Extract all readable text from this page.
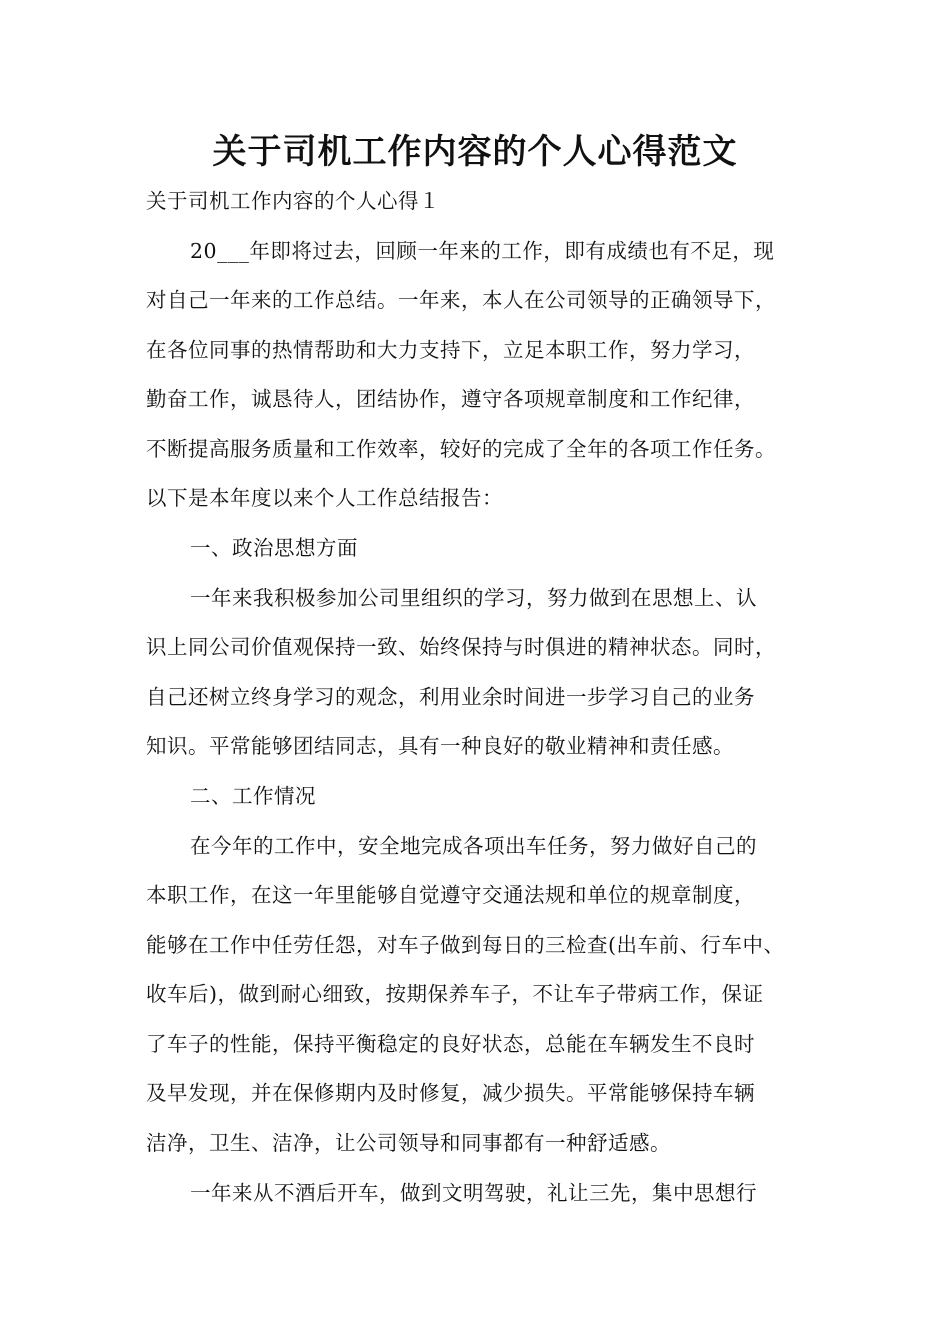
关于司机工作内容的个人心得范文
关于司机工作内容的个人心得１
20___年即将过去，回顾一年来的工作，即有成绩也有不足，现
对自己一年来的工作总结。一年来，本人在公司领导的正确领导下，
在各位同事的热情帮助和大力支持下，立足本职工作，努力学习，
勤奋工作，诚恳待人，团结协作，遵守各项规章制度和工作纪律，
不断提高服务质量和工作效率，较好的完成了全年的各项工作任务。
以下是本年度以来个人工作总结报告：
一、政治思想方面
一年来我积极参加公司里组织的学习，努力做到在思想上、认
识上同公司价值观保持一致、始终保持与时俱进的精神状态。同时，
自己还树立终身学习的观念，利用业余时间进一步学习自己的业务
知识。平常能够团结同志，具有一种良好的敬业精神和责任感。
二、工作情况
在今年的工作中，安全地完成各项出车任务，努力做好自己的
本职工作，在这一年里能够自觉遵守交通法规和单位的规章制度，
能够在工作中任劳任怨，对车子做到每日的三检查(出车前、行车中、
收车后)，做到耐心细致，按期保养车子，不让车子带病工作，保证
了车子的性能，保持平衡稳定的良好状态，总能在车辆发生不良时
及早发现，并在保修期内及时修复，减少损失。平常能够保持车辆
洁净，卫生、洁净，让公司领导和同事都有一种舒适感。
一年来从不酒后开车，做到文明驾驶，礼让三先，集中思想行
